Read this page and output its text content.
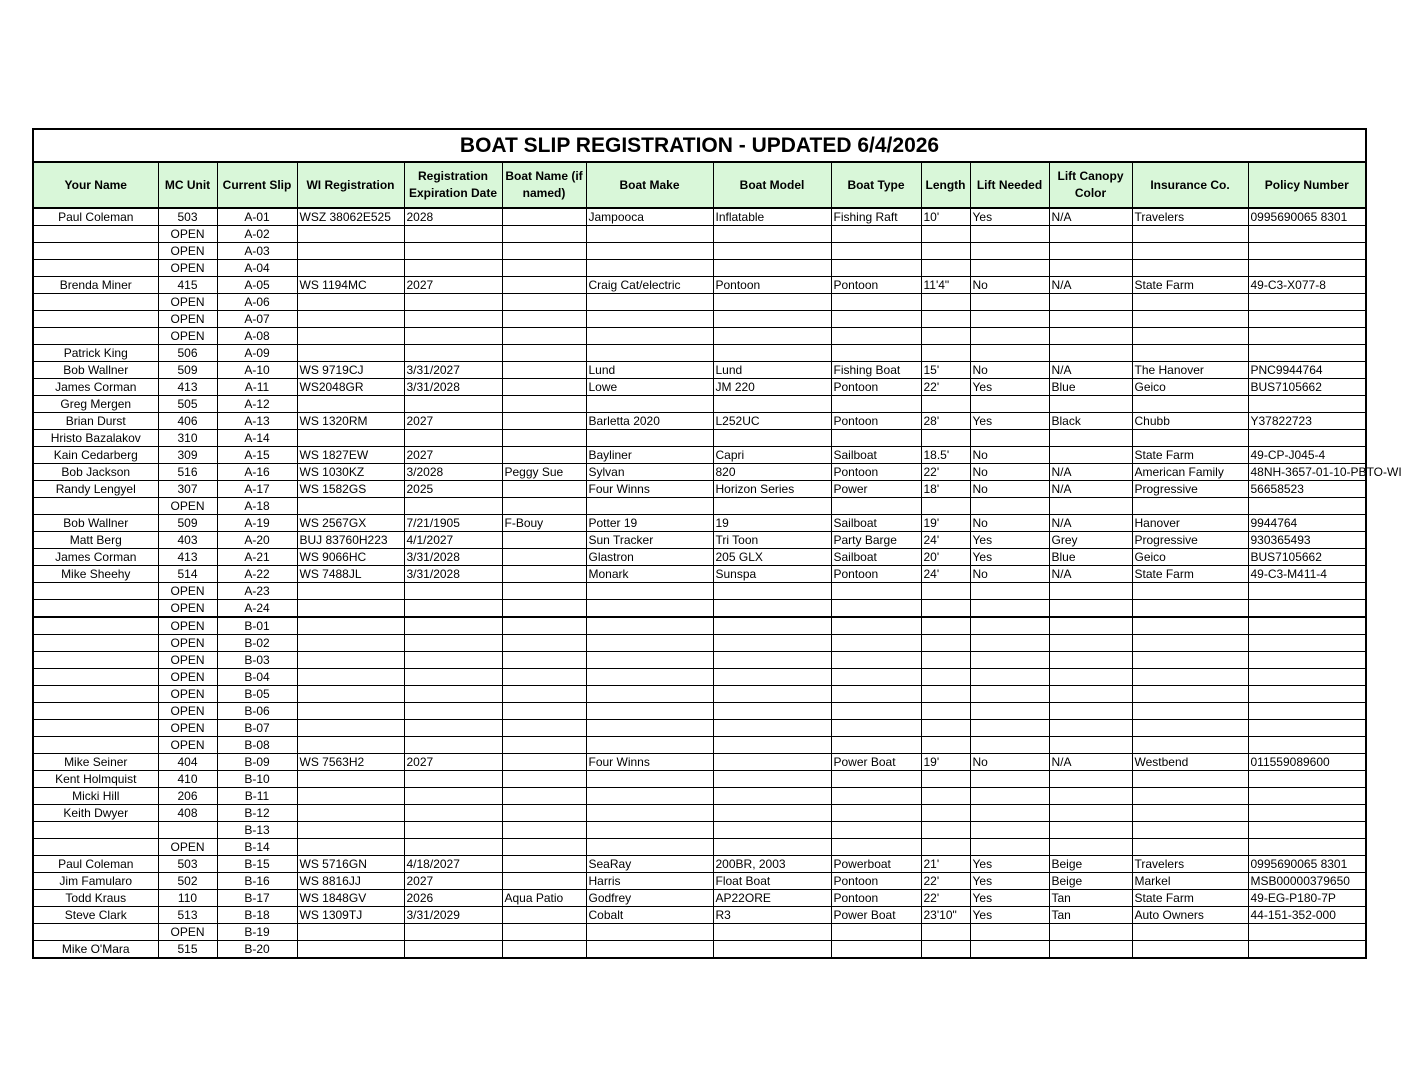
BOAT SLIP REGISTRATION - UPDATED 6/4/2026													
Your Name	MC Unit	Current Slip	WI Registration	Registration Expiration Date	Boat Name (if named)	Boat Make	Boat Model	Boat Type	Length	Lift Needed	Lift Canopy Color	Insurance Co.	Policy Number
Paul Coleman	503	A-01	WSZ 38062E525	2028		Jampooca	Inflatable	Fishing Raft	10'	Yes	N/A	Travelers	0995690065 8301
	OPEN	A-02											
	OPEN	A-03											
	OPEN	A-04											
Brenda Miner	415	A-05	WS 1194MC	2027		Craig Cat/electric	Pontoon	Pontoon	11'4"	No	N/A	State Farm	49-C3-X077-8
	OPEN	A-06											
	OPEN	A-07											
	OPEN	A-08											
Patrick King	506	A-09											
Bob Wallner	509	A-10	WS 9719CJ	3/31/2027		Lund	Lund	Fishing Boat	15'	No	N/A	The Hanover	PNC9944764
James Corman	413	A-11	WS2048GR	3/31/2028		Lowe	JM 220	Pontoon	22'	Yes	Blue	Geico	BUS7105662
Greg Mergen	505	A-12											
Brian Durst	406	A-13	WS 1320RM	2027		Barletta 2020	L252UC	Pontoon	28'	Yes	Black	Chubb	Y37822723
Hristo Bazalakov	310	A-14											
Kain Cedarberg	309	A-15	WS 1827EW	2027		Bayliner	Capri	Sailboat	18.5'	No		State Farm	49-CP-J045-4
Bob Jackson	516	A-16	WS 1030KZ	3/2028	Peggy Sue	Sylvan	820	Pontoon	22'	No	N/A	American Family	48NH-3657-01-10-PBTO-WI
Randy Lengyel	307	A-17	WS 1582GS	2025		Four Winns	Horizon Series	Power	18'	No	N/A	Progressive	56658523
	OPEN	A-18											
Bob Wallner	509	A-19	WS 2567GX	7/21/1905	F-Bouy	Potter 19	19	Sailboat	19'	No	N/A	Hanover	9944764
Matt Berg	403	A-20	BUJ 83760H223	4/1/2027		Sun Tracker	Tri Toon	Party Barge	24'	Yes	Grey	Progressive	930365493
James Corman	413	A-21	WS 9066HC	3/31/2028		Glastron	205 GLX	Sailboat	20'	Yes	Blue	Geico	BUS7105662
Mike Sheehy	514	A-22	WS 7488JL	3/31/2028		Monark	Sunspa	Pontoon	24'	No	N/A	State Farm	49-C3-M411-4
	OPEN	A-23											
	OPEN	A-24											
	OPEN	B-01											
	OPEN	B-02											
	OPEN	B-03											
	OPEN	B-04											
	OPEN	B-05											
	OPEN	B-06											
	OPEN	B-07											
	OPEN	B-08											
Mike Seiner	404	B-09	WS 7563H2	2027		Four Winns		Power Boat	19'	No	N/A	Westbend	011559089600
Kent Holmquist	410	B-10											
Micki Hill	206	B-11											
Keith Dwyer	408	B-12											
		B-13											
	OPEN	B-14											
Paul Coleman	503	B-15	WS 5716GN	4/18/2027		SeaRay	200BR, 2003	Powerboat	21'	Yes	Beige	Travelers	0995690065 8301
Jim Famularo	502	B-16	WS 8816JJ	2027		Harris	Float Boat	Pontoon	22'	Yes	Beige	Markel	MSB00000379650
Todd Kraus	110	B-17	WS 1848GV	2026	Aqua Patio	Godfrey	AP22ORE	Pontoon	22'	Yes	Tan	State Farm	49-EG-P180-7P
Steve Clark	513	B-18	WS 1309TJ	3/31/2029		Cobalt	R3	Power Boat	23'10"	Yes	Tan	Auto Owners	44-151-352-000
	OPEN	B-19											
Mike O'Mara	515	B-20											
